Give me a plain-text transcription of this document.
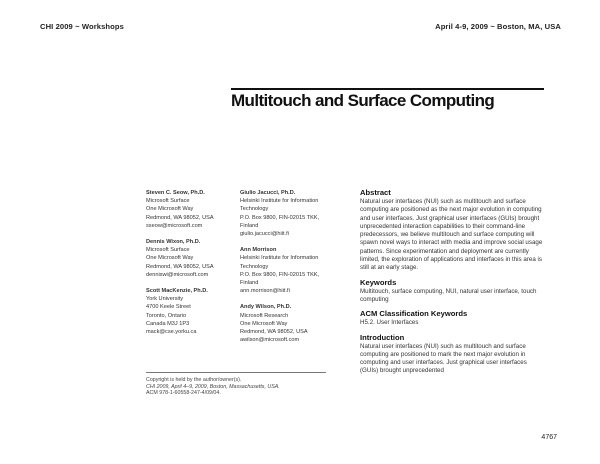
CHI 2009 ~ Workshops	April 4-9, 2009 ~ Boston, MA, USA
Multitouch and Surface Computing
Steven C. Seow, Ph.D.
Microsoft Surface
One Microsoft Way
Redmond, WA 98052, USA
sseow@microsoft.com
Dennis Wixon, Ph.D.
Microsoft Surface
One Microsoft Way
Redmond, WA 98052, USA
denniswi@microsoft.com
Scott MacKenzie, Ph.D.
York University
4700 Keele Street
Toronto, Ontario
Canada M3J 1P3
mack@cse.yorku.ca
Giulio Jacucci, Ph.D.
Helsinki Institute for Information
Technology
P.O. Box 9800, FIN-02015 TKK,
Finland
giulio.jacucci@hiit.fi
Ann Morrison
Helsinki Institute for Information
Technology
P.O. Box 9800, FIN-02015 TKK,
Finland
ann.morrison@hiit.fi
Andy Wilson, Ph.D.
Microsoft Research
One Microsoft Way
Redmond, WA 98052, USA
awilson@microsoft.com
Copyright is held by the author/owner(s).
CHI 2009, April 4–9, 2009, Boston, Massachusetts, USA.
ACM 978-1-60558-247-4/09/04.
Abstract
Natural user interfaces (NUI) such as multitouch and surface computing are positioned as the next major evolution in computing and user interfaces. Just graphical user interfaces (GUIs) brought unprecedented interaction capabilities to their command-line predecessors, we believe multitouch and surface computing will spawn novel ways to interact with media and improve social usage patterns. Since experimentation and deployment are currently limited, the exploration of applications and interfaces in this area is still at an early stage.
Keywords
Multitouch, surface computing, NUI, natural user interface, touch computing
ACM Classification Keywords
H5.2. User Interfaces
Introduction
Natural user interfaces (NUI) such as multitouch and surface computing are positioned to mark the next major evolution in computing and user interfaces. Just graphical user interfaces (GUIs) brought unprecedented
4767
